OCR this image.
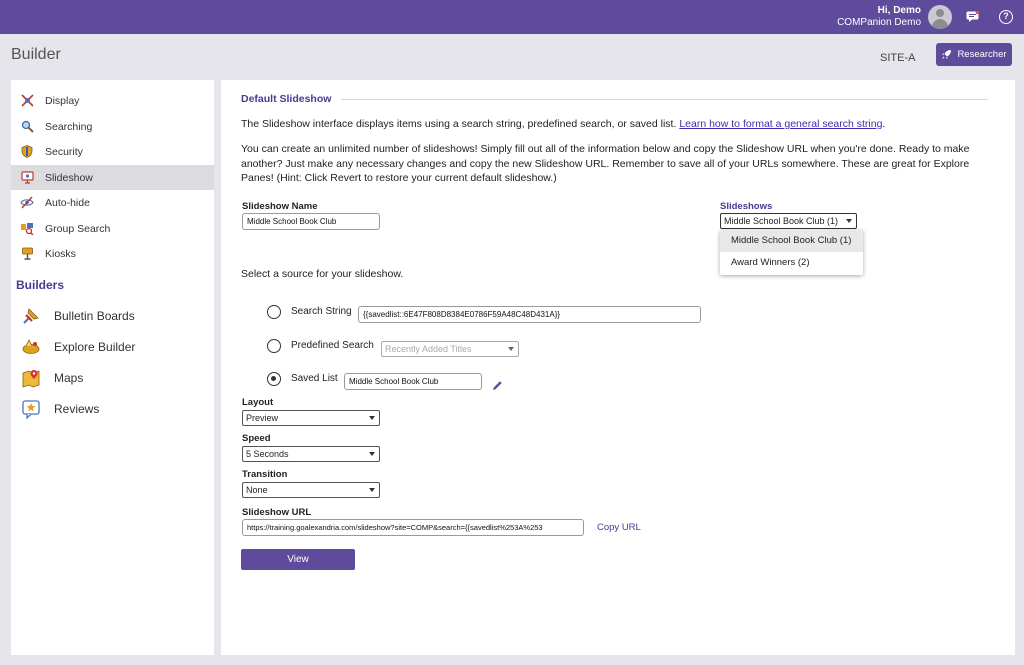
Hi, Demo
COMPanion Demo
?
Builder	SITE-A	Researcher
Display
Searching
Security
Slideshow
Auto-hide
Group Search
Kiosks
Builders
Bulletin Boards
Explore Builder
Maps
Reviews
Default Slideshow
The Slideshow interface displays items using a search string, predefined search, or saved list. Learn how to format a general search string.
You can create an unlimited number of slideshows! Simply fill out all of the information below and copy the Slideshow URL when you're done. Ready to make another? Just make any necessary changes and copy the new Slideshow URL. Remember to save all of your URLs somewhere. These are great for Explore Panes! (Hint: Click Revert to restore your current default slideshow.)
Slideshow Name
Middle School Book Club
Slideshows
Middle School Book Club (1)
Middle School Book Club (1)
Award Winners (2)
Select a source for your slideshow.
Search String	{{savedlist::6E47F808D8384E0786F59A48C48D431A}}
Predefined Search	Recently Added Titles
Saved List	Middle School Book Club
Layout
Preview
Speed
5 Seconds
Transition
None
Slideshow URL
https://training.goalexandria.com/slideshow?site=COMP&search={{savedlist%253A%253	Copy URL
View
